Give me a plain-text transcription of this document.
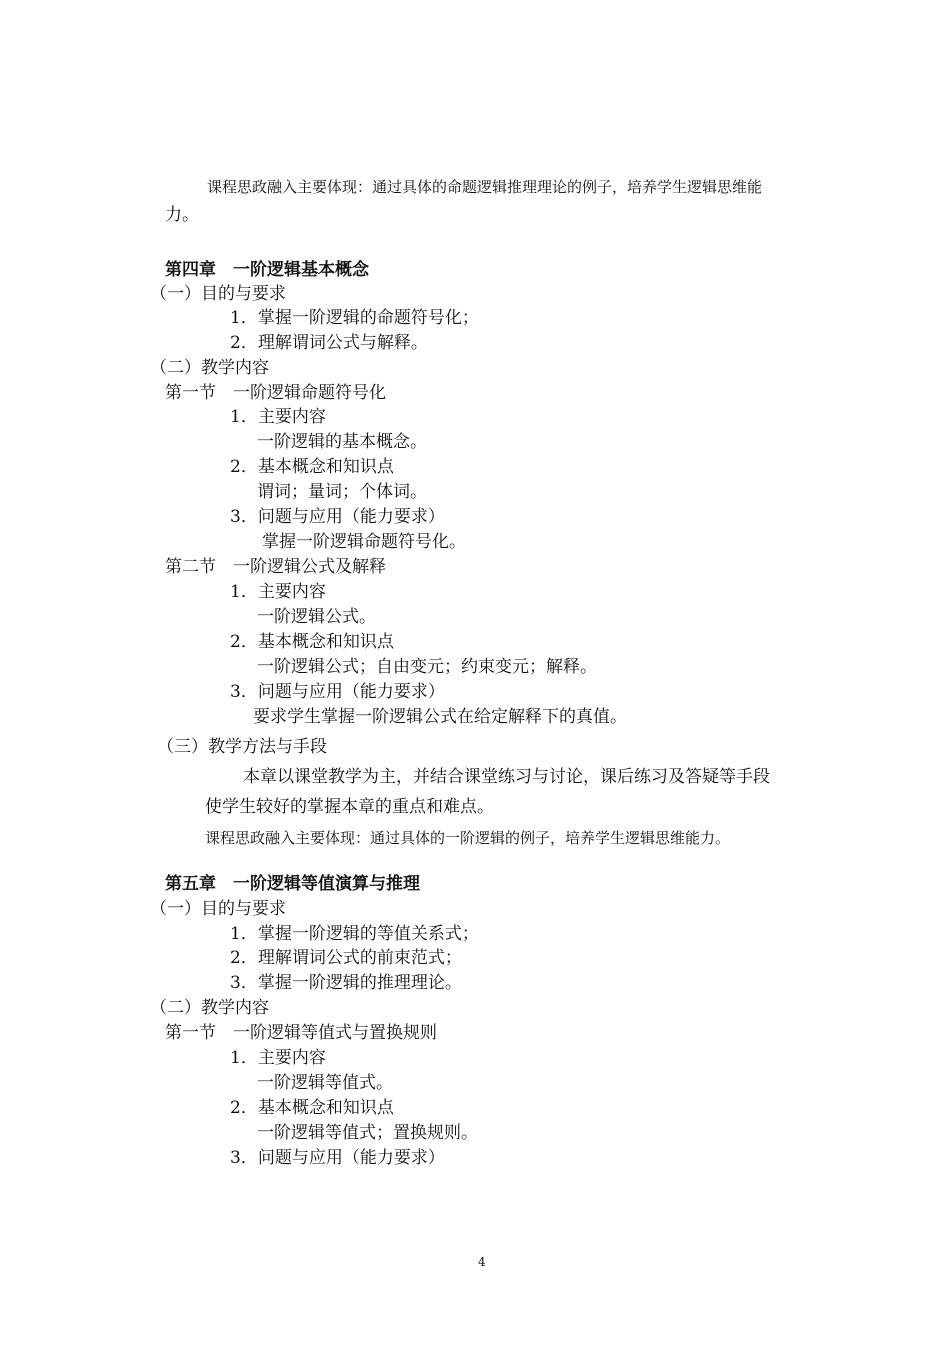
课程思政融入主要体现：通过具体的命题逻辑推理理论的例子，培养学生逻辑思维能
力。
第四章　一阶逻辑基本概念
（一）目的与要求
1．掌握一阶逻辑的命题符号化；
2．理解谓词公式与解释。
（二）教学内容
第一节　一阶逻辑命题符号化
1．主要内容
一阶逻辑的基本概念。
2．基本概念和知识点
谓词；量词；个体词。
3．问题与应用（能力要求）
掌握一阶逻辑命题符号化。
第二节　一阶逻辑公式及解释
1．主要内容
一阶逻辑公式。
2．基本概念和知识点
一阶逻辑公式；自由变元；约束变元；解释。
3．问题与应用（能力要求）
要求学生掌握一阶逻辑公式在给定解释下的真值。
（三）教学方法与手段
本章以课堂教学为主，并结合课堂练习与讨论，课后练习及答疑等手段
使学生较好的掌握本章的重点和难点。
课程思政融入主要体现：通过具体的一阶逻辑的例子，培养学生逻辑思维能力。
第五章　一阶逻辑等值演算与推理
（一）目的与要求
1．掌握一阶逻辑的等值关系式；
2．理解谓词公式的前束范式；
3．掌握一阶逻辑的推理理论。
（二）教学内容
第一节　一阶逻辑等值式与置换规则
1．主要内容
一阶逻辑等值式。
2．基本概念和知识点
一阶逻辑等值式；置换规则。
3．问题与应用（能力要求）
4
